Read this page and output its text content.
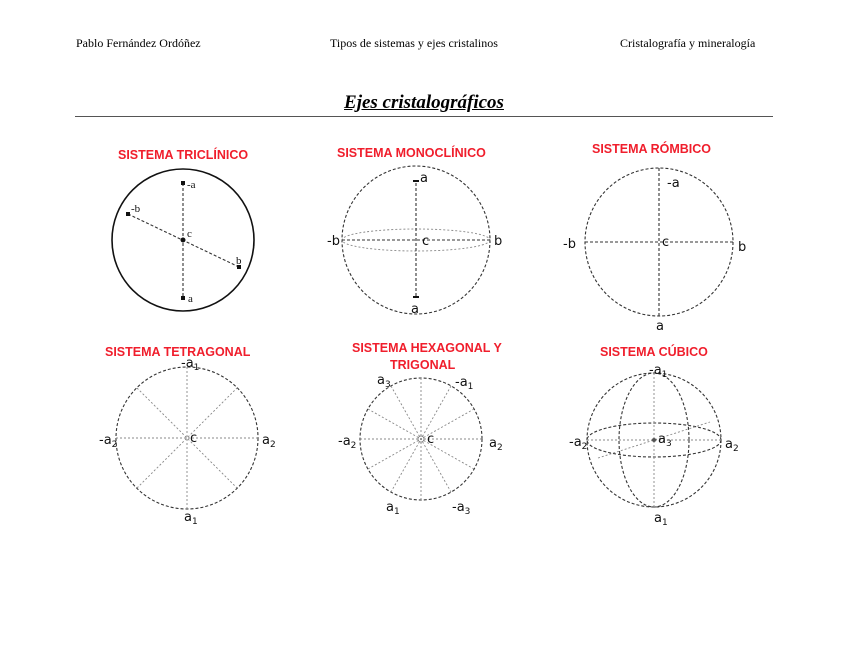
Pablo Fernández Ordóñez	Tipos de sistemas y ejes cristalinos	Cristalografía y mineralogía
Ejes cristalográficos
SISTEMA TRICLÍNICO
-a
-b
c
b
a
SISTEMA MONOCLÍNICO
a
-b	c	b
a
SISTEMA RÓMBICO
-a
-b	c	b
a
SISTEMA TETRAGONAL
$-a_1$
$-a_2$	c	$a_2$
$a_1$
SISTEMA HEXAGONAL Y
TRIGONAL
$a_3$	$-a_1$
$-a_2$	c	$a_2$
$a_1$	$-a_3$
SISTEMA CÚBICO
$-a_1$
$-a_2$	$a_3$	$a_2$
$a_1$
